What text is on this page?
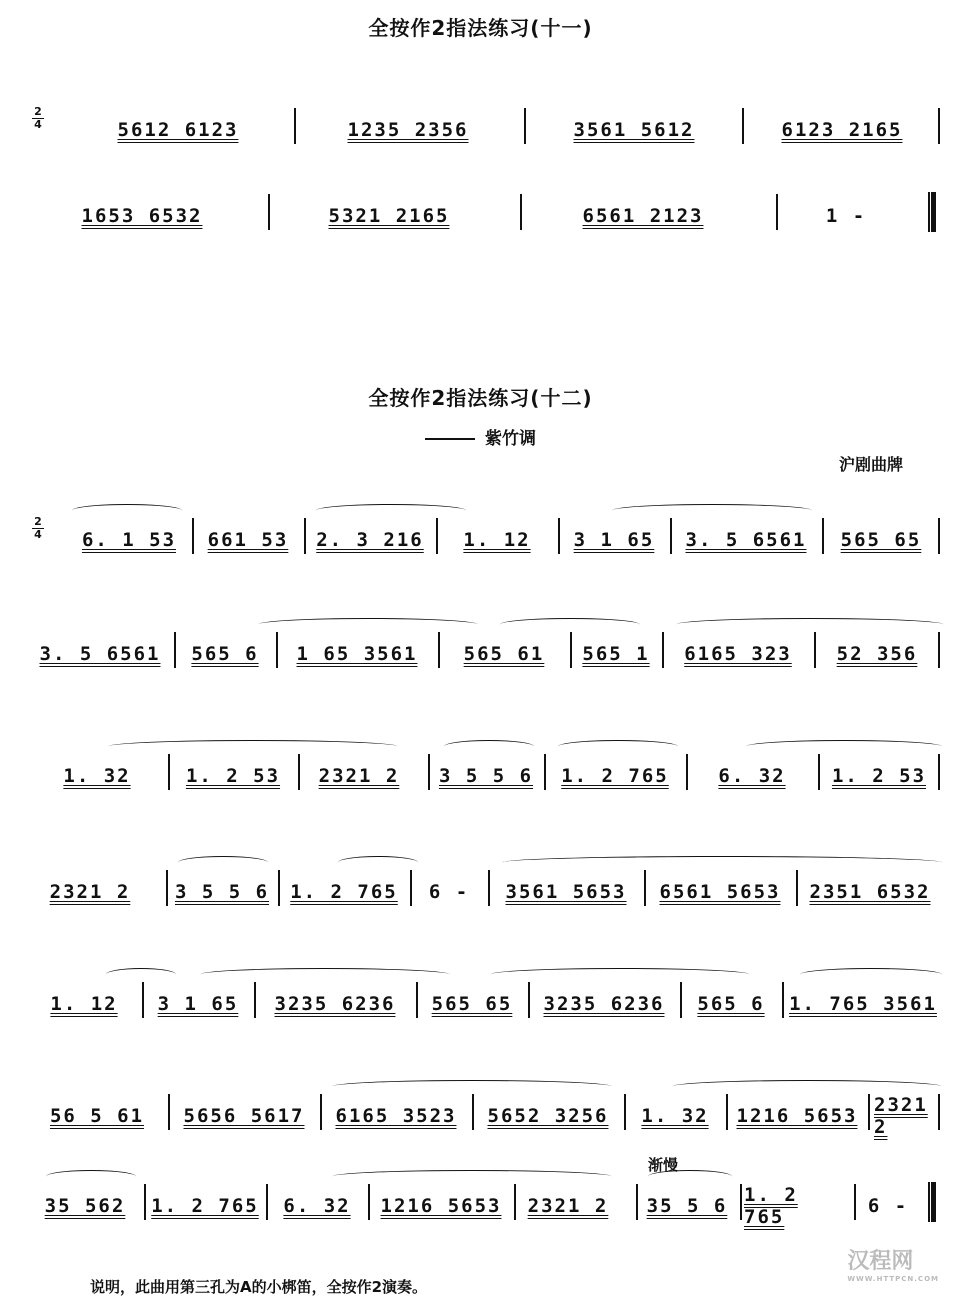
全按作2指法练习(十一)
2
4	5612 6123	1235 2356	3561 5612	6123 2165
1653 6532	5321 2165	6561 2123	1 -
全按作2指法练习(十二)
紫竹调
沪剧曲牌
2
4 6. 1 53 661 53 2. 3 216 1. 12 3 1 65 3. 5 6561 565 65
3. 5 6561 565 6 1 65 3561 565 61 565 1 6165 323 52 356
1. 32	1. 2 53 2321 2 3 5 5 6 1. 2 765	6. 32 1. 2 53
2321 2 3 5 5 6 1. 2 765 6 - 3561 5653 6561 5653 2351 6532
1. 12 3 1 65 3235 6236 565 65 3235 6236 565 6 1. 765 3561
56 5 61 5656 5617 6165 3523 5652 3256 1. 32 1216 5653 2321 2
渐慢
35 562 1. 2 765 6. 32 1216 5653 2321 2 35 5 6 1. 2 765	6 -
说明，此曲用第三孔为A的小梆笛，全按作2演奏。
汉程网
WWW.HTTPCN.COM
